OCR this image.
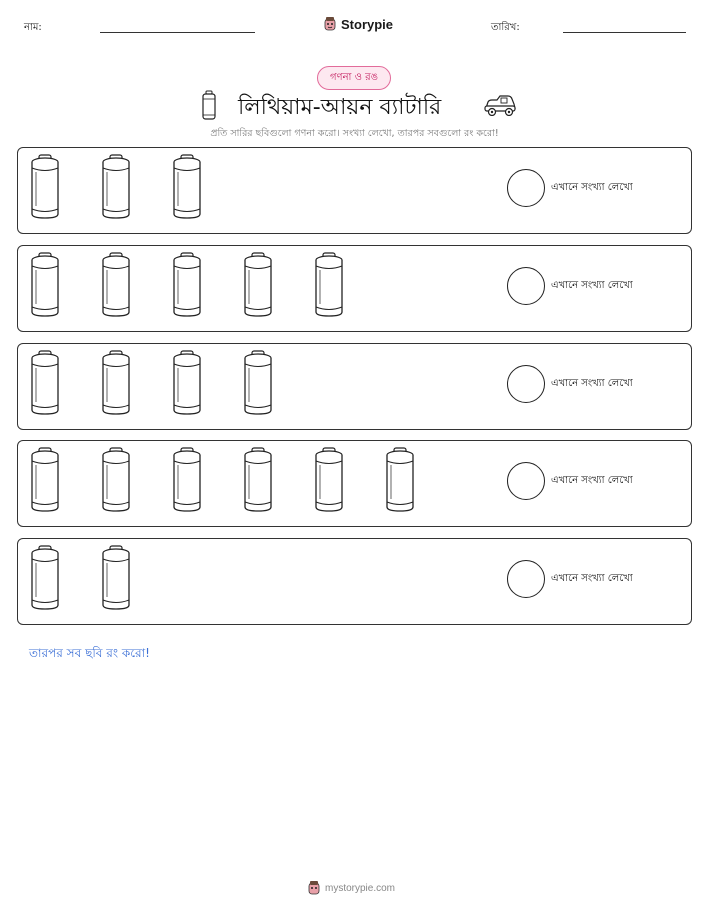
নাম:	Storypie	তারিখ:
গণনা ও রঙ
লিথিয়াম-আয়ন ব্যাটারি
প্রতি সারির ছবিগুলো গণনা করো। সংখ্যা লেখো, তারপর সবগুলো রং করো!
এখানে সংখ্যা লেখো
এখানে সংখ্যা লেখো
এখানে সংখ্যা লেখো
এখানে সংখ্যা লেখো
এখানে সংখ্যা লেখো
তারপর সব ছবি রং করো!
mystorypie.com
